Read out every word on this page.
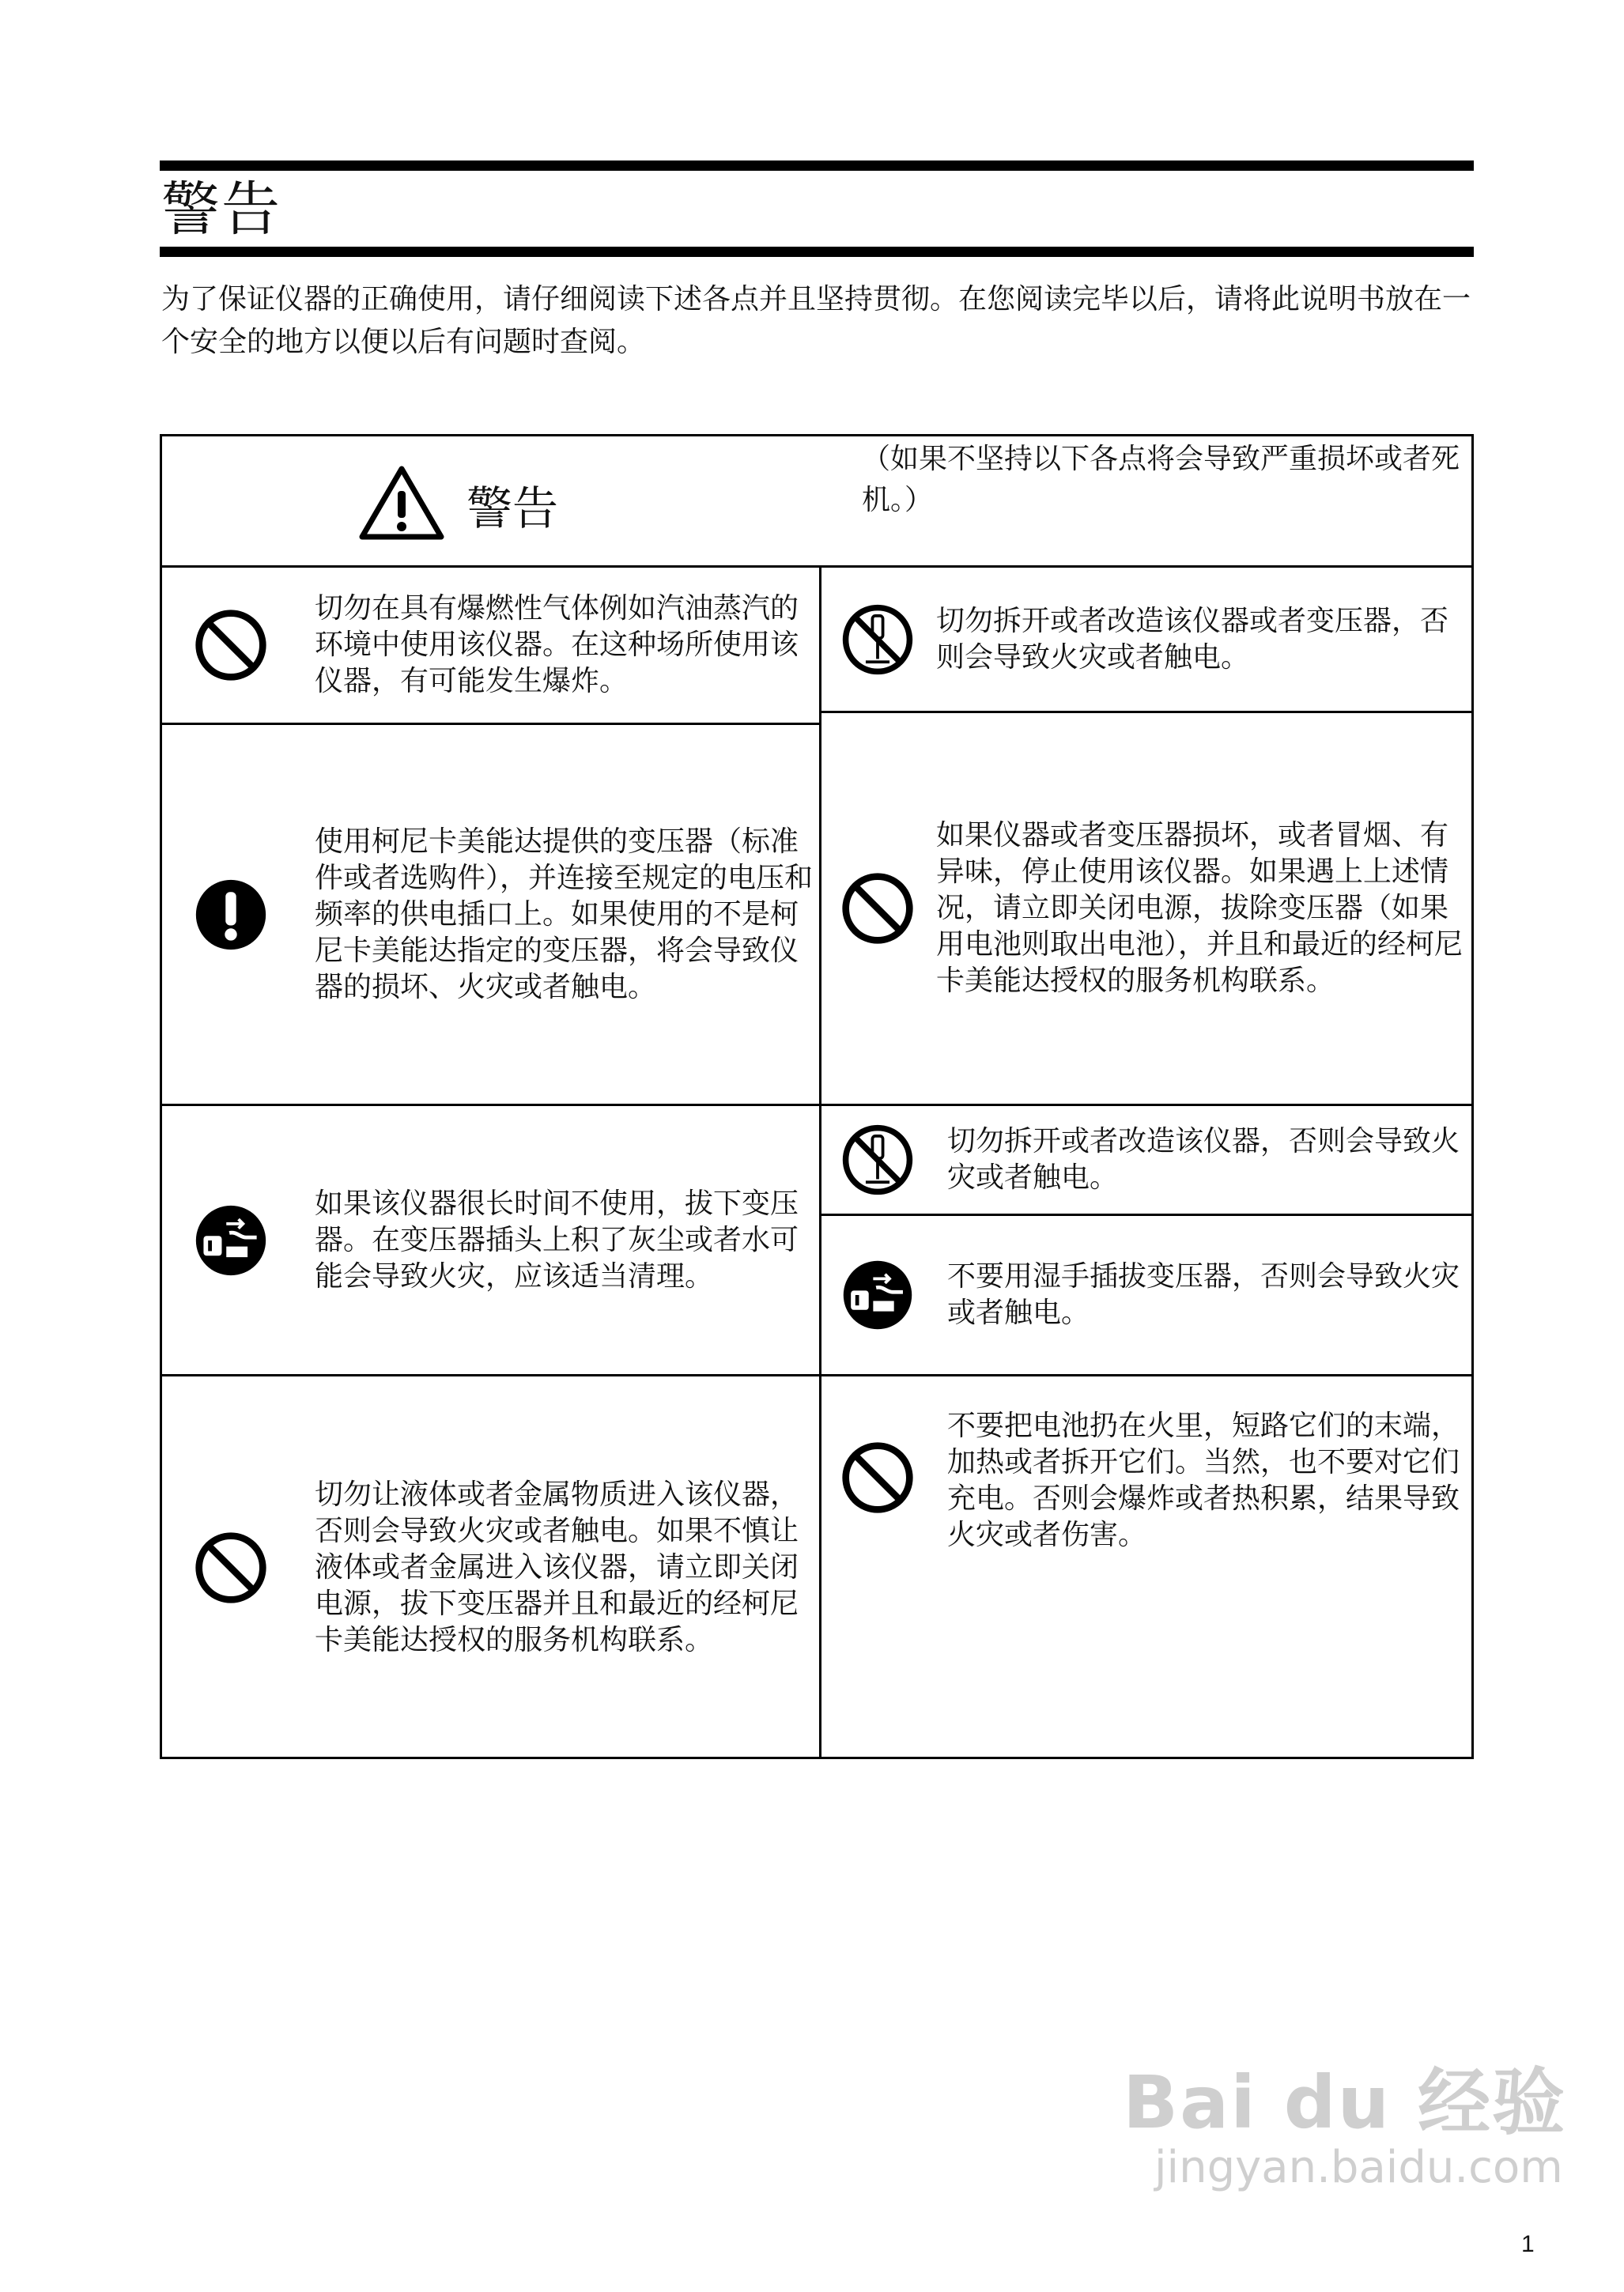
警告

为了保证仪器的正确使用，请仔细阅读下述各点并且坚持贯彻。在您阅读完毕以后，请将此说明书放在一个安全的地方以便以后有问题时查阅。

警告

（如果不坚持以下各点将会导致严重损坏或者死机。）

切勿在具有爆燃性气体例如汽油蒸汽的环境中使用该仪器。在这种场所使用该仪器，有可能发生爆炸。

使用柯尼卡美能达提供的变压器（标准件或者选购件），并连接至规定的电压和频率的供电插口上。如果使用的不是柯尼卡美能达指定的变压器，将会导致仪器的损坏、火灾或者触电。

如果该仪器很长时间不使用，拔下变压器。在变压器插头上积了灰尘或者水可能会导致火灾，应该适当清理。

切勿让液体或者金属物质进入该仪器，否则会导致火灾或者触电。如果不慎让液体或者金属进入该仪器，请立即关闭电源，拔下变压器并且和最近的经柯尼卡美能达授权的服务机构联系。

切勿拆开或者改造该仪器或者变压器，否则会导致火灾或者触电。

如果仪器或者变压器损坏，或者冒烟、有异味，停止使用该仪器。如果遇上上述情况，请立即关闭电源，拔除变压器（如果用电池则取出电池），并且和最近的经柯尼卡美能达授权的服务机构联系。

切勿拆开或者改造该仪器，否则会导致火灾或者触电。

不要用湿手插拔变压器，否则会导致火灾或者触电。

不要把电池扔在火里，短路它们的末端，加热或者拆开它们。当然，也不要对它们充电。否则会爆炸或者热积累，结果导致火灾或者伤害。

Bai du 经验
jingyan.baidu.com
1
